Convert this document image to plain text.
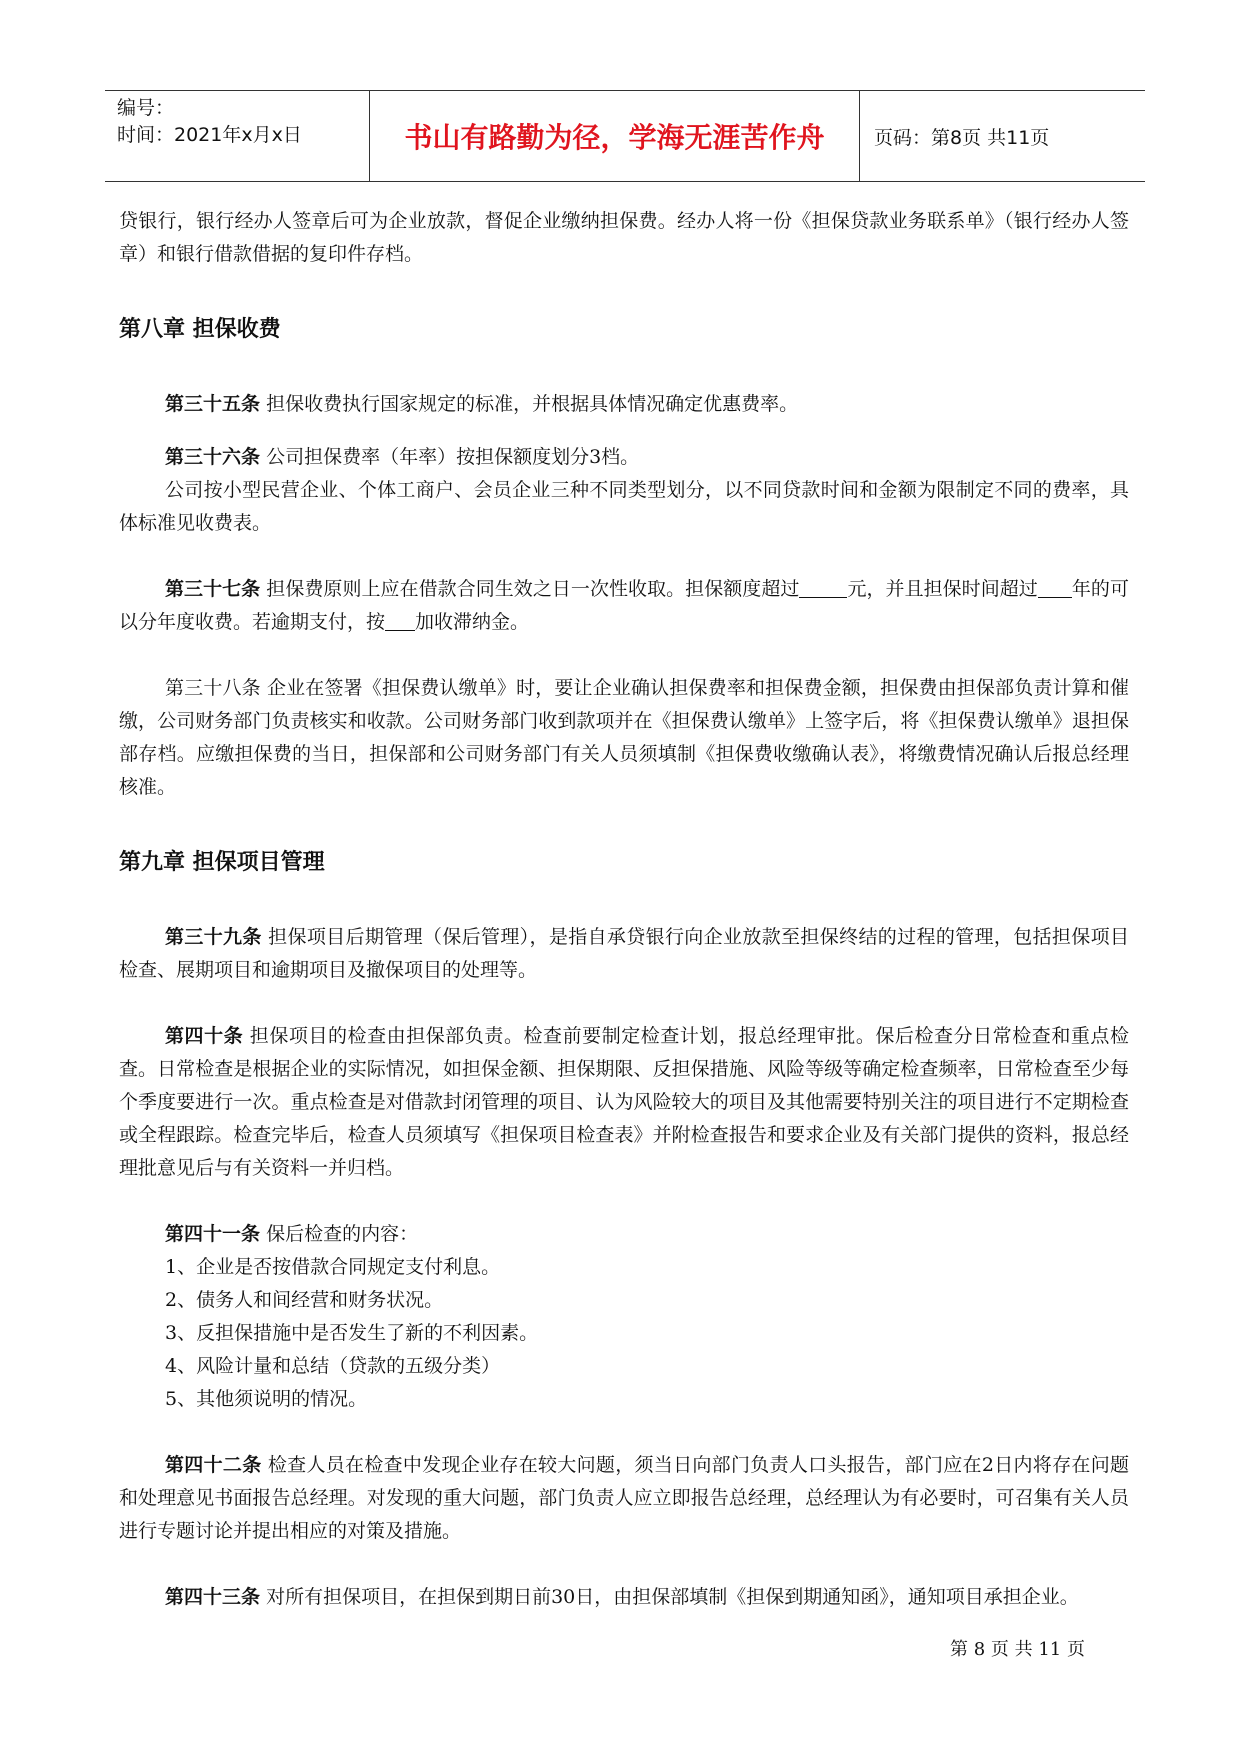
编号：
时间：2021年x月x日	书山有路勤为径，学海无涯苦作舟	页码：第8页 共11页

贷银行，银行经办人签章后可为企业放款，督促企业缴纳担保费。经办人将一份《担保贷款业务联系单》（银行经办人签章）和银行借款借据的复印件存档。

第八章 担保收费

第三十五条 担保收费执行国家规定的标准，并根据具体情况确定优惠费率。

第三十六条 公司担保费率（年率）按担保额度划分3档。

公司按小型民营企业、个体工商户、会员企业三种不同类型划分，以不同贷款时间和金额为限制定不同的费率，具体标准见收费表。

第三十七条 担保费原则上应在借款合同生效之日一次性收取。担保额度超过	元，并且担保时间超过 年的可以分年度收费。若逾期支付，按 加收滞纳金。

第三十八条 企业在签署《担保费认缴单》时，要让企业确认担保费率和担保费金额，担保费由担保部负责计算和催缴，公司财务部门负责核实和收款。公司财务部门收到款项并在《担保费认缴单》上签字后，将《担保费认缴单》退担保部存档。应缴担保费的当日，担保部和公司财务部门有关人员须填制《担保费收缴确认表》，将缴费情况确认后报总经理核准。

第九章 担保项目管理

第三十九条 担保项目后期管理（保后管理），是指自承贷银行向企业放款至担保终结的过程的管理，包括担保项目检查、展期项目和逾期项目及撤保项目的处理等。

第四十条 担保项目的检查由担保部负责。检查前要制定检查计划，报总经理审批。保后检查分日常检查和重点检查。日常检查是根据企业的实际情况，如担保金额、担保期限、反担保措施、风险等级等确定检查频率，日常检查至少每个季度要进行一次。重点检查是对借款封闭管理的项目、认为风险较大的项目及其他需要特别关注的项目进行不定期检查或全程跟踪。检查完毕后，检查人员须填写《担保项目检查表》并附检查报告和要求企业及有关部门提供的资料，报总经理批意见后与有关资料一并归档。

第四十一条 保后检查的内容：

1、企业是否按借款合同规定支付利息。

2、债务人和间经营和财务状况。

3、反担保措施中是否发生了新的不利因素。

4、风险计量和总结（贷款的五级分类）

5、其他须说明的情况。

第四十二条 检查人员在检查中发现企业存在较大问题，须当日向部门负责人口头报告，部门应在2日内将存在问题和处理意见书面报告总经理。对发现的重大问题，部门负责人应立即报告总经理，总经理认为有必要时，可召集有关人员进行专题讨论并提出相应的对策及措施。

第四十三条 对所有担保项目，在担保到期日前30日，由担保部填制《担保到期通知函》，通知项目承担企业。

第 8 页 共 11 页
